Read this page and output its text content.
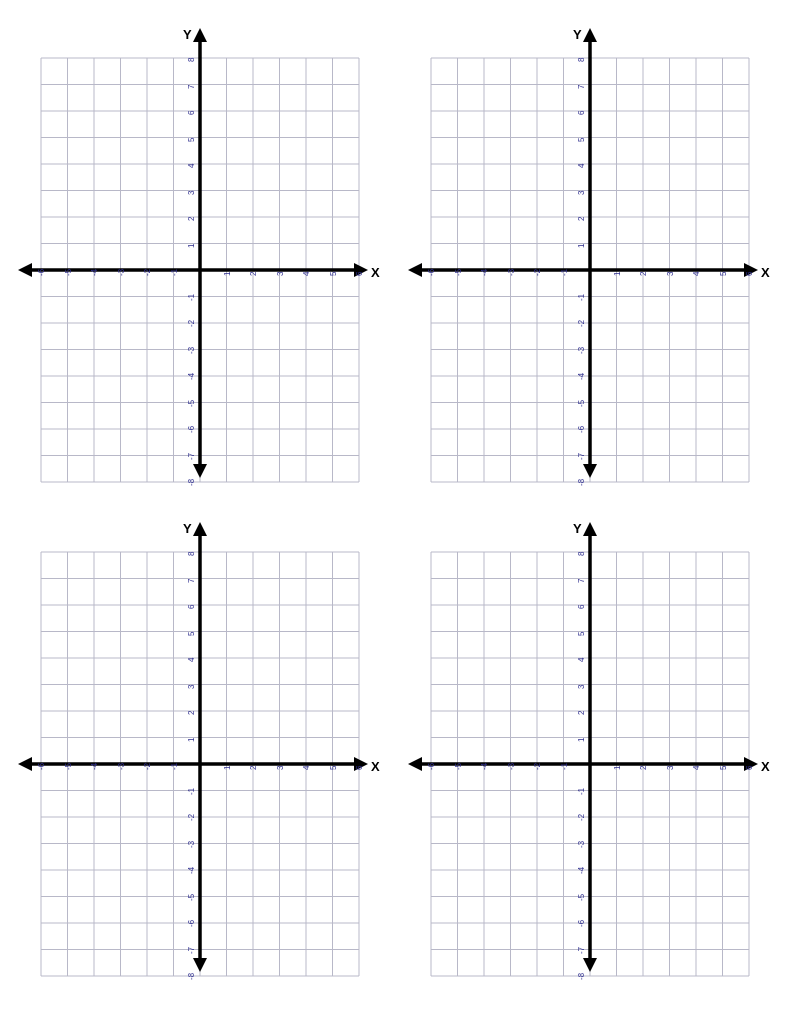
Y
X
-6 -5 -4 -3 -2 -1	1 2 3 4 5 6
-8
-7
-6
-5
-4
-3
-2
-1
1
2
3
4
5
6
7
8
Y
X
-6 -5 -4 -3 -2 -1	1 2 3 4 5 6
-8
-7
-6
-5
-4
-3
-2
-1
1
2
3
4
5
6
7
8
Y
X
-6 -5 -4 -3 -2 -1	1 2 3 4 5 6
-8
-7
-6
-5
-4
-3
-2
-1
1
2
3
4
5
6
7
8
Y
X
-6 -5 -4 -3 -2 -1	1 2 3 4 5 6
-8
-7
-6
-5
-4
-3
-2
-1
1
2
3
4
5
6
7
8
